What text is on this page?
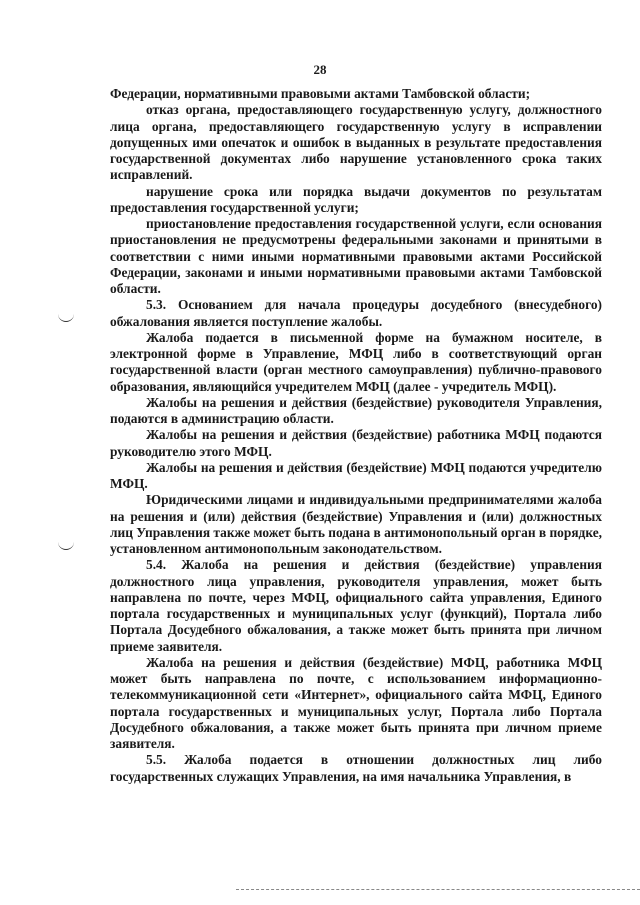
28

Федерации, нормативными правовыми актами Тамбовской области;

отказ органа, предоставляющего государственную услугу, должностного лица органа, предоставляющего государственную услугу в исправлении допущенных ими опечаток и ошибок в выданных в результате предоставления государственной документах либо нарушение установленного срока таких исправлений.

нарушение срока или порядка выдачи документов по результатам предоставления государственной услуги;

приостановление предоставления государственной услуги, если основания приостановления не предусмотрены федеральными законами и принятыми в соответствии с ними иными нормативными правовыми актами Российской Федерации, законами и иными нормативными правовыми актами Тамбовской области.

5.3. Основанием для начала процедуры досудебного (внесудебного) обжалования является поступление жалобы.

Жалоба подается в письменной форме на бумажном носителе, в электронной форме в Управление, МФЦ либо в соответствующий орган государственной власти (орган местного самоуправления) публично-правового образования, являющийся учредителем МФЦ (далее - учредитель МФЦ).

Жалобы на решения и действия (бездействие) руководителя Управления, подаются в администрацию области.

Жалобы на решения и действия (бездействие) работника МФЦ подаются руководителю этого МФЦ.

Жалобы на решения и действия (бездействие) МФЦ подаются учредителю МФЦ.

Юридическими лицами и индивидуальными предпринимателями жалоба на решения и (или) действия (бездействие) Управления и (или) должностных лиц Управления также может быть подана в антимонопольный орган в порядке, установленном антимонопольным законодательством.

5.4. Жалоба на решения и действия (бездействие) управления должностного лица управления, руководителя управления, может быть направлена по почте, через МФЦ, официального сайта управления, Единого портала государственных и муниципальных услуг (функций), Портала либо Портала Досудебного обжалования, а также может быть принята при личном приеме заявителя.

Жалоба на решения и действия (бездействие) МФЦ, работника МФЦ может быть направлена по почте, с использованием информационно-телекоммуникационной сети «Интернет», официального сайта МФЦ, Единого портала государственных и муниципальных услуг, Портала либо Портала Досудебного обжалования, а также может быть принята при личном приеме заявителя.

5.5. Жалоба подается в отношении должностных лиц либо государственных служащих Управления, на имя начальника Управления, в
